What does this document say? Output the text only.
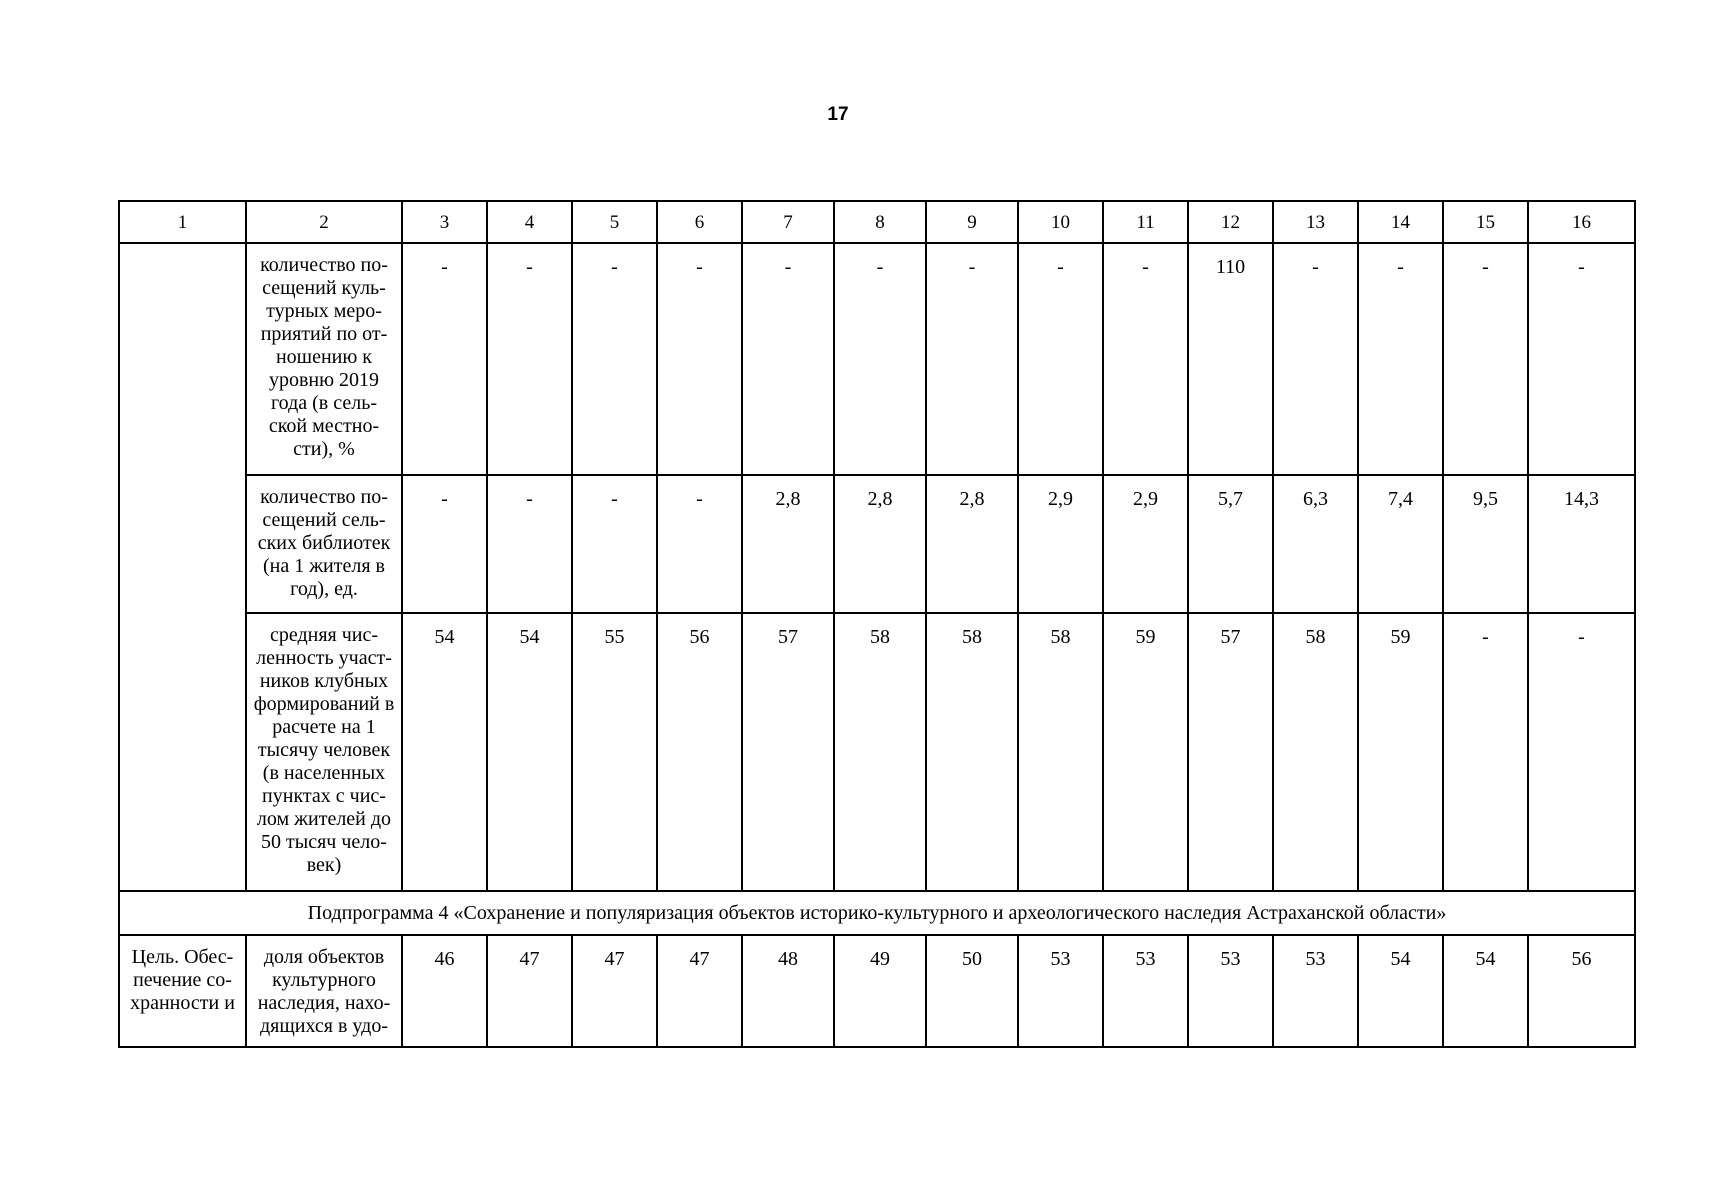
17
1	2	3	4	5	6	7	8	9	10	11	12	13	14	15	16
	количество по-сещений куль-турных меро-приятий по от-ношению к уровню 2019 года (в сель-ской местно-сти), %	-	-	-	-	-	-	-	-	-	110	-	-	-	-
	количество по-сещений сель-ских библиотек (на 1 жителя в год), ед.	-	-	-	-	2,8	2,8	2,8	2,9	2,9	5,7	6,3	7,4	9,5	14,3
	средняя чис-ленность участ-ников клубных формирований в расчете на 1 тысячу человек (в населенных пунктах с чис-лом жителей до 50 тысяч чело-век)	54	54	55	56	57	58	58	58	59	57	58	59	-	-
Подпрограмма 4 «Сохранение и популяризация объектов историко-культурного и археологического наследия Астраханской области»															
Цель. Обес-печение со-хранности и	доля объектов культурного наследия, нахо-дящихся в удо-	46	47	47	47	48	49	50	53	53	53	53	54	54	56
